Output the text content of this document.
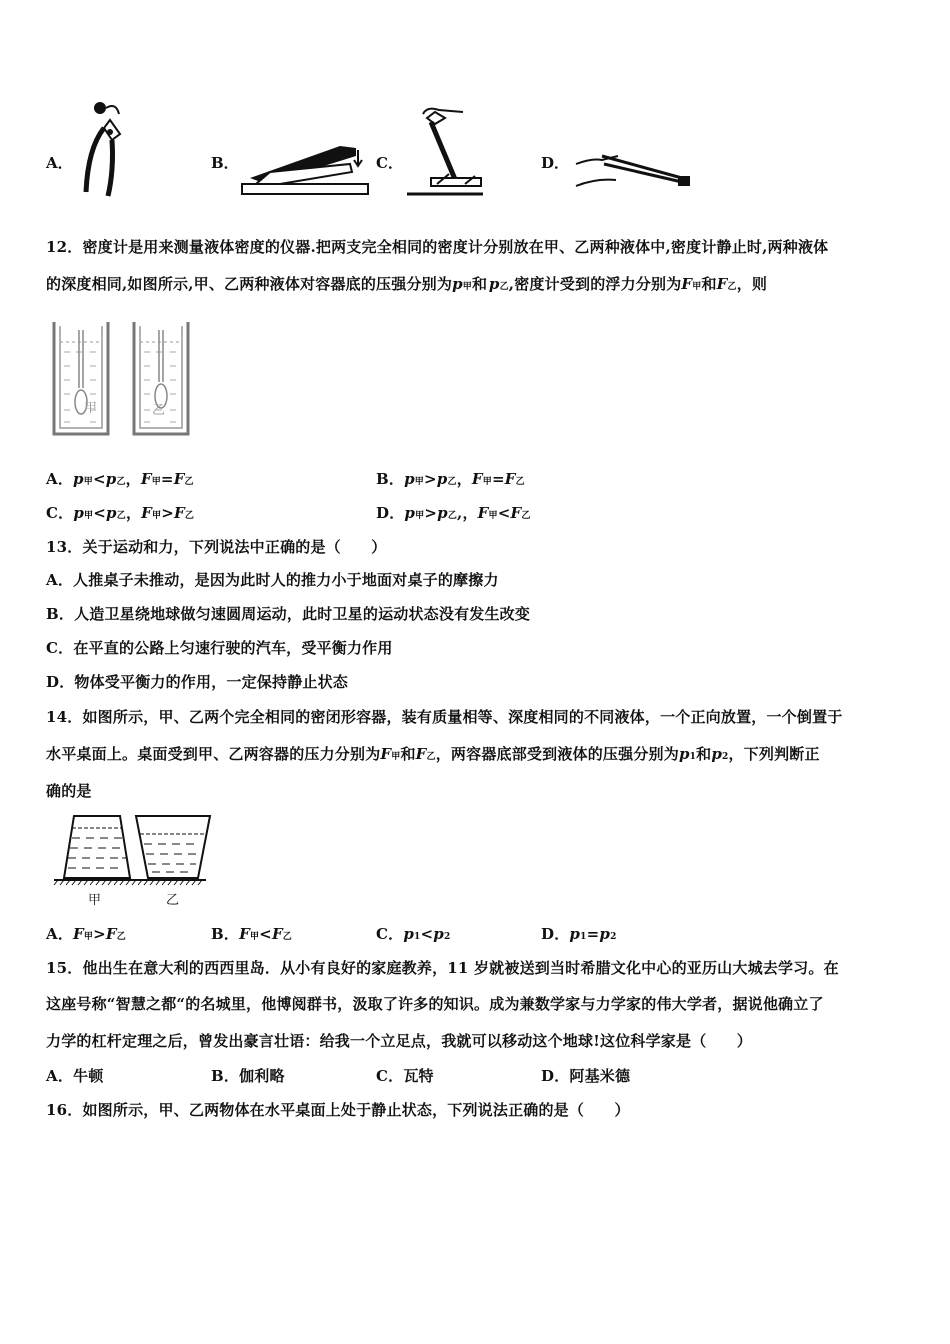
A．	B．	C．	D．
12．密度计是用来测量液体密度的仪器.把两支完全相同的密度计分别放在甲、乙两种液体中,密度计静止时,两种液体
的深度相同,如图所示,甲、乙两种液体对容器底的压强分别为p甲和  p乙,密度计受到的浮力分别为F甲和F乙，则
甲	乙
A．p甲<p乙，F甲=F乙	B．p甲>p乙，F甲=F乙
C．p甲<p乙，F甲>F乙	D．p甲>p乙,，F甲<F乙
13．关于运动和力，下列说法中正确的是（　　）
A．人推桌子未推动，是因为此时人的推力小于地面对桌子的摩擦力
B．人造卫星绕地球做匀速圆周运动，此时卫星的运动状态没有发生改变
C．在平直的公路上匀速行驶的汽车，受平衡力作用
D．物体受平衡力的作用，一定保持静止状态
14．如图所示，甲、乙两个完全相同的密闭形容器，装有质量相等、深度相同的不同液体，一个正向放置，一个倒置于
水平桌面上。桌面受到甲、乙两容器的压力分别为F甲和F乙，两容器底部受到液体的压强分别为p1和p2，下列判断正
确的是
甲	乙
A．F甲>F乙	B．F甲<F乙	C．p1<p2	D．p1=p2
15．他出生在意大利的西西里岛．从小有良好的家庭教养，11 岁就被送到当时希腊文化中心的亚历山大城去学习。在
这座号称“智慧之都“的名城里，他博阅群书，汲取了许多的知识。成为兼数学家与力学家的伟大学者，据说他确立了
力学的杠杆定理之后，曾发出豪言壮语：给我一个立足点，我就可以移动这个地球!这位科学家是（　　）
A．牛顿	B．伽利略	C．瓦特	D．阿基米德
16．如图所示，甲、乙两物体在水平桌面上处于静止状态，下列说法正确的是（　　）
